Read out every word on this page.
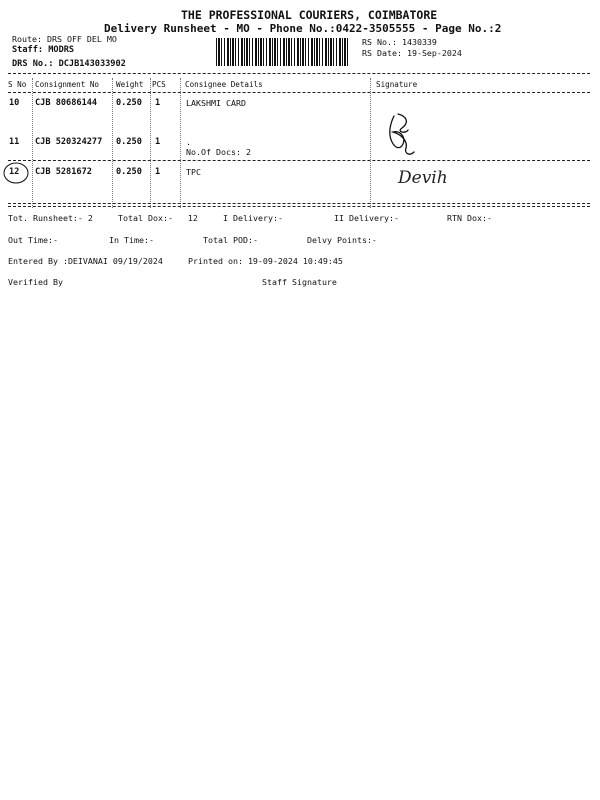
THE PROFESSIONAL COURIERS, COIMBATORE
Delivery Runsheet - MO - Phone No.:0422-3505555 - Page No.:2
Route: DRS OFF DEL MO
Staff: MODRS
DRS No.: DCJB143033902
RS No.: 1430339
RS Date: 19-Sep-2024
S No Consignment No Weight PCS	Consignee Details	Signature
10 CJB 80686144 0.250 1	LAKSHMI CARD
11 CJB 520324277 0.250 1	.
No.Of Docs: 2
12 CJB 5281672	0.250 1	TPC	Devih
Tot. Runsheet:- 2	Total Dox:-   12	I Delivery:-	II Delivery:-	RTN Dox:-
Out Time:-	In Time:-	Total POD:-	Delvy Points:-
Entered By :DEIVANAI 09/19/2024	Printed on: 19-09-2024 10:49:45
Verified By	Staff Signature
